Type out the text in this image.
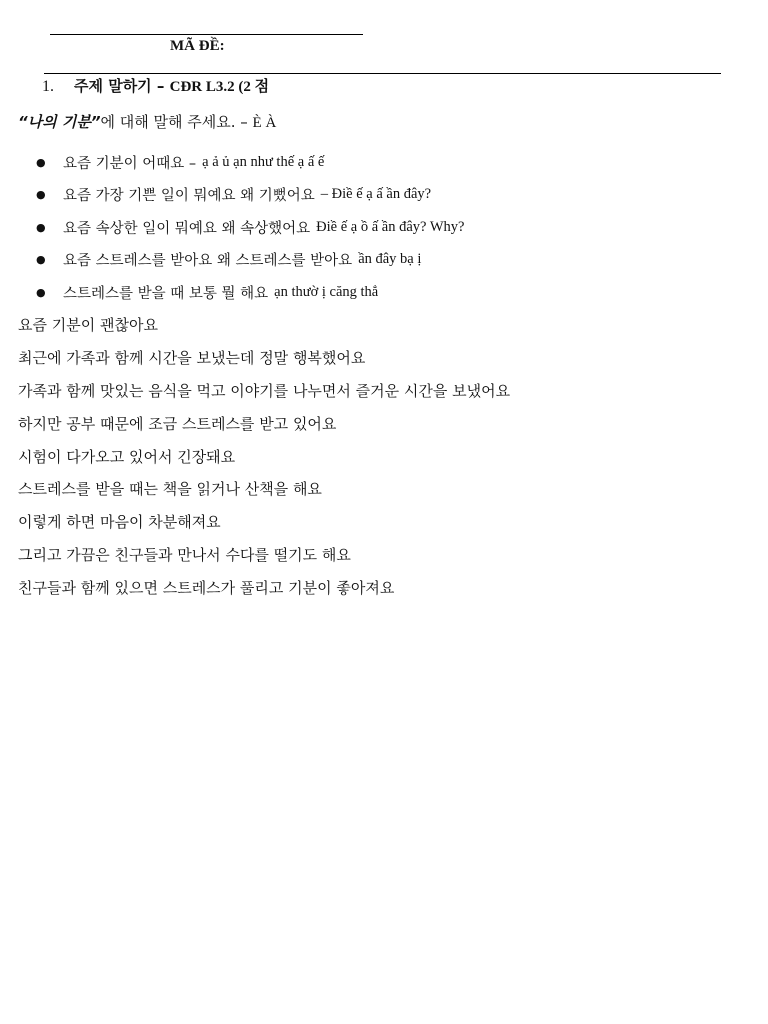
MÃ ĐỀ:
1. 주제 말하기 – CĐR L3.2 (2 점
“나의 기분”에 대해 말해 주세요. – È À
●	요즘 기분이 어때요 – ạ ả ủ ạn như thế ạ ấ ế
●	요즘 가장 기쁜 일이 뭐예요 왜 기뻤어요 – Điề ế ạ ấ ần đây?
●	요즘 속상한 일이 뭐예요 왜 속상했어요 Điề ế ạ ồ ấ ần đây? Why?
●	요즘 스트레스를 받아요 왜 스트레스를 받아요 ần đây bạ ị
●	스트레스를 받을 때 보통 뭘 해요 ạn thườ ị căng thẳ

요즘 기분이 괜찮아요

최근에 가족과 함께 시간을 보냈는데 정말 행복했어요

가족과 함께 맛있는 음식을 먹고 이야기를 나누면서 즐거운 시간을 보냈어요

하지만 공부 때문에 조금 스트레스를 받고 있어요

시험이 다가오고 있어서 긴장돼요

스트레스를 받을 때는 책을 읽거나 산책을 해요

이렇게 하면 마음이 차분해져요

그리고 가끔은 친구들과 만나서 수다를 떨기도 해요

친구들과 함께 있으면 스트레스가 풀리고 기분이 좋아져요
